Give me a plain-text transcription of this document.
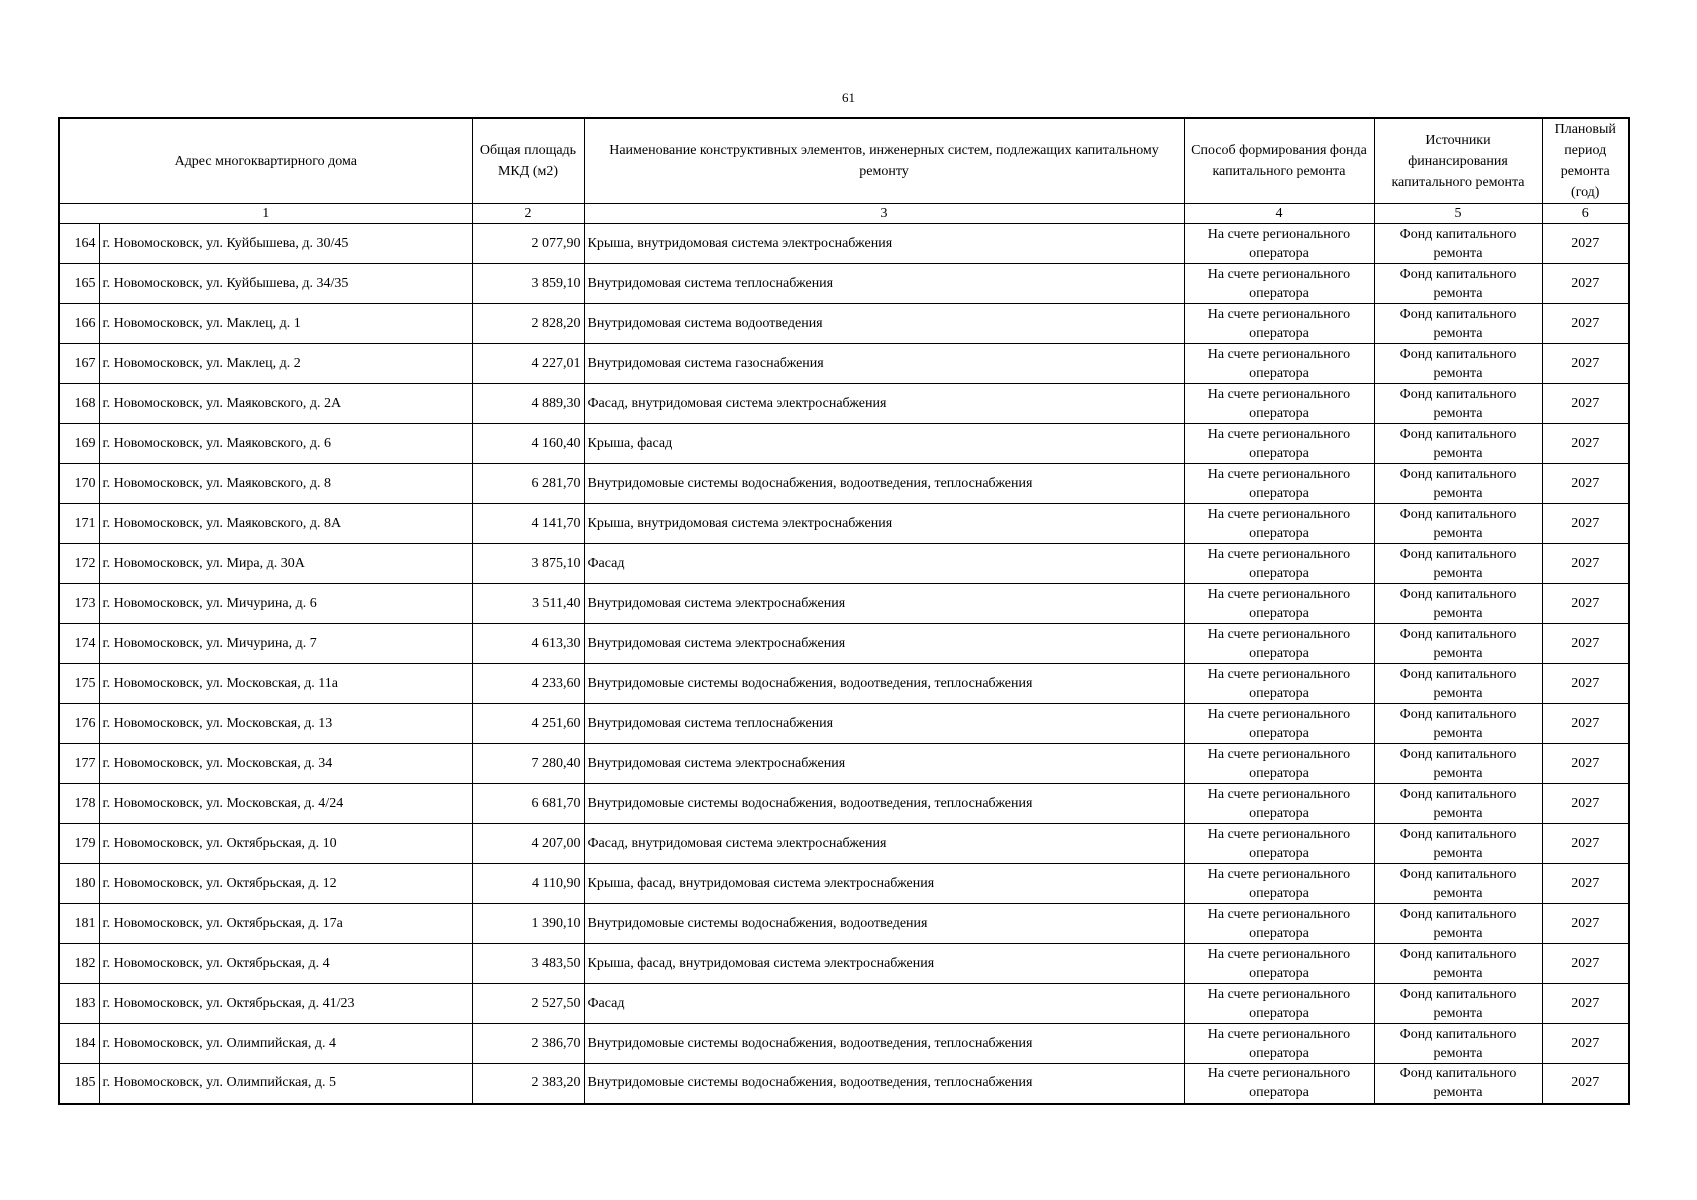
61
Адрес многоквартирного дома		Общая площадь МКД (м2)	Наименование конструктивных элементов, инженерных систем, подлежащих капитальному ремонту	Способ формирования фонда капитального ремонта	Источники финансирования капитального ремонта	Плановый период ремонта (год)
1		2	3	4	5	6
164	г. Новомосковск, ул. Куйбышева, д. 30/45	2 077,90	Крыша, внутридомовая система электроснабжения	На счете регионального оператора	Фонд капитального ремонта	2027
165	г. Новомосковск, ул. Куйбышева, д. 34/35	3 859,10	Внутридомовая система теплоснабжения	На счете регионального оператора	Фонд капитального ремонта	2027
166	г. Новомосковск, ул. Маклец, д. 1	2 828,20	Внутридомовая система водоотведения	На счете регионального оператора	Фонд капитального ремонта	2027
167	г. Новомосковск, ул. Маклец, д. 2	4 227,01	Внутридомовая система газоснабжения	На счете регионального оператора	Фонд капитального ремонта	2027
168	г. Новомосковск, ул. Маяковского, д. 2А	4 889,30	Фасад, внутридомовая система электроснабжения	На счете регионального оператора	Фонд капитального ремонта	2027
169	г. Новомосковск, ул. Маяковского, д. 6	4 160,40	Крыша, фасад	На счете регионального оператора	Фонд капитального ремонта	2027
170	г. Новомосковск, ул. Маяковского, д. 8	6 281,70	Внутридомовые системы водоснабжения, водоотведения, теплоснабжения	На счете регионального оператора	Фонд капитального ремонта	2027
171	г. Новомосковск, ул. Маяковского, д. 8А	4 141,70	Крыша, внутридомовая система электроснабжения	На счете регионального оператора	Фонд капитального ремонта	2027
172	г. Новомосковск, ул. Мира, д. 30А	3 875,10	Фасад	На счете регионального оператора	Фонд капитального ремонта	2027
173	г. Новомосковск, ул. Мичурина, д. 6	3 511,40	Внутридомовая система электроснабжения	На счете регионального оператора	Фонд капитального ремонта	2027
174	г. Новомосковск, ул. Мичурина, д. 7	4 613,30	Внутридомовая система электроснабжения	На счете регионального оператора	Фонд капитального ремонта	2027
175	г. Новомосковск, ул. Московская, д. 11а	4 233,60	Внутридомовые системы водоснабжения, водоотведения, теплоснабжения	На счете регионального оператора	Фонд капитального ремонта	2027
176	г. Новомосковск, ул. Московская, д. 13	4 251,60	Внутридомовая система теплоснабжения	На счете регионального оператора	Фонд капитального ремонта	2027
177	г. Новомосковск, ул. Московская, д. 34	7 280,40	Внутридомовая система электроснабжения	На счете регионального оператора	Фонд капитального ремонта	2027
178	г. Новомосковск, ул. Московская, д. 4/24	6 681,70	Внутридомовые системы водоснабжения, водоотведения, теплоснабжения	На счете регионального оператора	Фонд капитального ремонта	2027
179	г. Новомосковск, ул. Октябрьская, д. 10	4 207,00	Фасад, внутридомовая система электроснабжения	На счете регионального оператора	Фонд капитального ремонта	2027
180	г. Новомосковск, ул. Октябрьская, д. 12	4 110,90	Крыша, фасад, внутридомовая система электроснабжения	На счете регионального оператора	Фонд капитального ремонта	2027
181	г. Новомосковск, ул. Октябрьская, д. 17а	1 390,10	Внутридомовые системы водоснабжения, водоотведения	На счете регионального оператора	Фонд капитального ремонта	2027
182	г. Новомосковск, ул. Октябрьская, д. 4	3 483,50	Крыша, фасад, внутридомовая система электроснабжения	На счете регионального оператора	Фонд капитального ремонта	2027
183	г. Новомосковск, ул. Октябрьская, д. 41/23	2 527,50	Фасад	На счете регионального оператора	Фонд капитального ремонта	2027
184	г. Новомосковск, ул. Олимпийская, д. 4	2 386,70	Внутридомовые системы водоснабжения, водоотведения, теплоснабжения	На счете регионального оператора	Фонд капитального ремонта	2027
185	г. Новомосковск, ул. Олимпийская, д. 5	2 383,20	Внутридомовые системы водоснабжения, водоотведения, теплоснабжения	На счете регионального оператора	Фонд капитального ремонта	2027
